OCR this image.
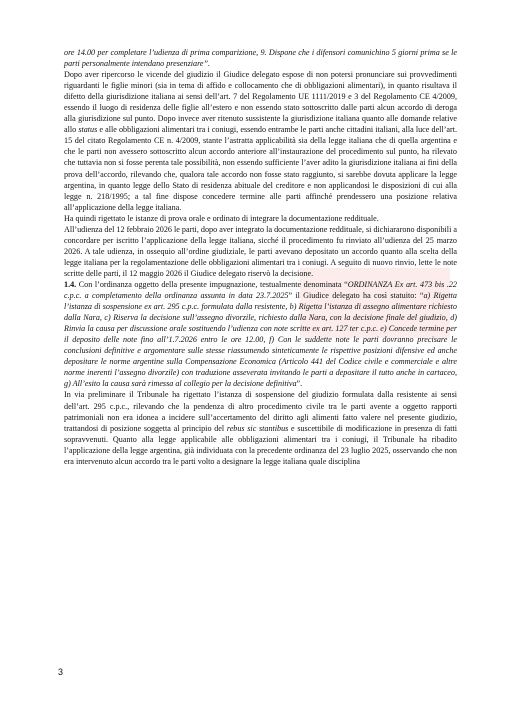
ore 14.00 per completare l’udienza di prima comparizione, 9. Dispone che i difensori comunichino 5 giorni prima se le parti personalmente intendano presenziare”.

Dopo aver ripercorso le vicende del giudizio il Giudice delegato espose di non potersi pronunciare sui provvedimenti riguardanti le figlie minori (sia in tema di affido e collocamento che di obbligazioni alimentari), in quanto risultava il difetto della giurisdizione italiana ai sensi dell’art. 7 del Regolamento UE 1111/2019 e 3 del Regolamento CE 4/2009, essendo il luogo di residenza delle figlie all’estero e non essendo stato sottoscritto dalle parti alcun accordo di deroga alla giurisdizione sul punto. Dopo invece aver ritenuto sussistente la giurisdizione italiana quanto alle domande relative allo status e alle obbligazioni alimentari tra i coniugi, essendo entrambe le parti anche cittadini italiani, alla luce dell’art. 15 del citato Regolamento CE n. 4/2009, stante l’astratta applicabilità sia della legge italiana che di quella argentina e che le parti non avessero sottoscritto alcun accordo anteriore all’instaurazione del procedimento sul punto, ha rilevato che tuttavia non si fosse perenta tale possibilità, non essendo sufficiente l’aver adito la giurisdizione italiana ai fini della prova dell’accordo, rilevando che, qualora tale accordo non fosse stato raggiunto, si sarebbe dovuta applicare la legge argentina, in quanto legge dello Stato di residenza abituale del creditore e non applicandosi le disposizioni di cui alla legge n. 218/1995; a tal fine dispose concedere termine alle parti affinché prendessero una posizione relativa all’applicazione della legge italiana.

Ha quindi rigettato le istanze di prova orale e ordinato di integrare la documentazione reddituale.

All’udienza del 12 febbraio 2026 le parti, dopo aver integrato la documentazione reddituale, si dichiararono disponibili a concordare per iscritto l’applicazione della legge italiana, sicché il procedimento fu rinviato all’udienza del 25 marzo 2026. A tale udienza, in ossequio all’ordine giudiziale, le parti avevano depositato un accordo quanto alla scelta della legge italiana per la regolamentazione delle obbligazioni alimentari tra i coniugi. A seguito di nuovo rinvio, lette le note scritte delle parti, il 12 maggio 2026 il Giudice delegato riservò la decisione.

1.4. Con l’ordinanza oggetto della presente impugnazione, testualmente denominata “ORDINANZA Ex art. 473 bis .22 c.p.c. a completamento della ordinanza assunta in data 23.7.2025” il Giudice delegato ha così statuito: “a) Rigetta l’istanza di sospensione ex art. 295 c.p.c. formulata dalla resistente, b) Rigetta l’istanza di assegno alimentare richiesto dalla Nara, c) Riserva la decisione sull’assegno divorzile, richiesto dalla Nara, con la decisione finale del giudizio, d) Rinvia la causa per discussione orale sostituendo l’udienza con note scritte ex art. 127 ter c.p.c. e) Concede termine per il deposito delle note fino all’1.7.2026 entro le ore 12.00, f) Con le suddette note le parti dovranno precisare le conclusioni definitive e argomentare sulle stesse riassumendo sinteticamente le rispettive posizioni difensive ed anche depositare le norme argentine sulla Compensazione Economica (Articolo 441 del Codice civile e commerciale e altre norme inerenti l’assegno divorzile) con traduzione asseverata invitando le parti a depositare il tutto anche in cartaceo, g) All’esito la causa sarà rimessa al collegio per la decisione definitiva”.

In via preliminare il Tribunale ha rigettato l’istanza di sospensione del giudizio formulata dalla resistente ai sensi dell’art. 295 c.p.c., rilevando che la pendenza di altro procedimento civile tra le parti avente a oggetto rapporti patrimoniali non era idonea a incidere sull’accertamento del diritto agli alimenti fatto valere nel presente giudizio, trattandosi di posizione soggetta al principio del rebus sic stantibus e suscettibile di modificazione in presenza di fatti sopravvenuti. Quanto alla legge applicabile alle obbligazioni alimentari tra i coniugi, il Tribunale ha ribadito l’applicazione della legge argentina, già individuata con la precedente ordinanza del 23 luglio 2025, osservando che non era intervenuto alcun accordo tra le parti volto a designare la legge italiana quale disciplina

3
